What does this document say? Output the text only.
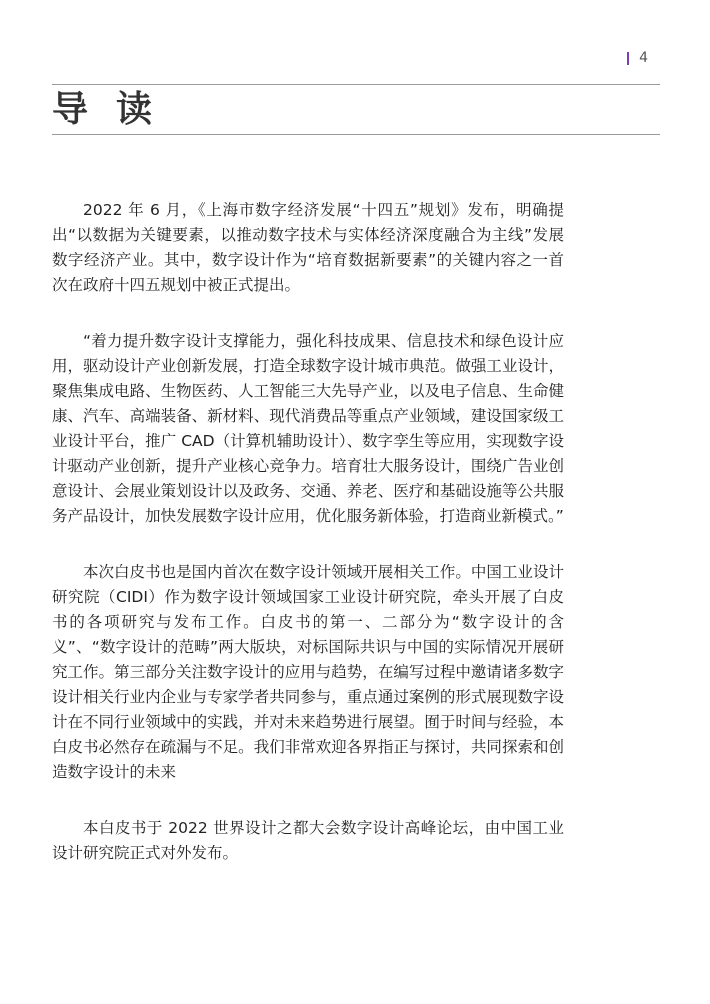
4
导读

2022 年 6 月，《上海市数字经济发展“十四五”规划》发布，明确提出“以数据为关键要素，以推动数字技术与实体经济深度融合为主线”发展数字经济产业。其中，数字设计作为“培育数据新要素”的关键内容之一首次在政府十四五规划中被正式提出。

“着力提升数字设计支撑能力，强化科技成果、信息技术和绿色设计应用，驱动设计产业创新发展，打造全球数字设计城市典范。做强工业设计，聚焦集成电路、生物医药、人工智能三大先导产业，以及电子信息、生命健康、汽车、高端装备、新材料、现代消费品等重点产业领域，建设国家级工业设计平台，推广 CAD（计算机辅助设计）、数字孪生等应用，实现数字设计驱动产业创新，提升产业核心竞争力。培育壮大服务设计，围绕广告业创意设计、会展业策划设计以及政务、交通、养老、医疗和基础设施等公共服务产品设计，加快发展数字设计应用，优化服务新体验，打造商业新模式。”

本次白皮书也是国内首次在数字设计领域开展相关工作。中国工业设计研究院（CIDI）作为数字设计领域国家工业设计研究院，牵头开展了白皮书的各项研究与发布工作。白皮书的第一、二部分为“数字设计的含义”、“数字设计的范畴”两大版块，对标国际共识与中国的实际情况开展研究工作。第三部分关注数字设计的应用与趋势，在编写过程中邀请诸多数字设计相关行业内企业与专家学者共同参与，重点通过案例的形式展现数字设计在不同行业领域中的实践，并对未来趋势进行展望。囿于时间与经验，本白皮书必然存在疏漏与不足。我们非常欢迎各界指正与探讨，共同探索和创造数字设计的未来

本白皮书于 2022 世界设计之都大会数字设计高峰论坛，由中国工业设计研究院正式对外发布。
